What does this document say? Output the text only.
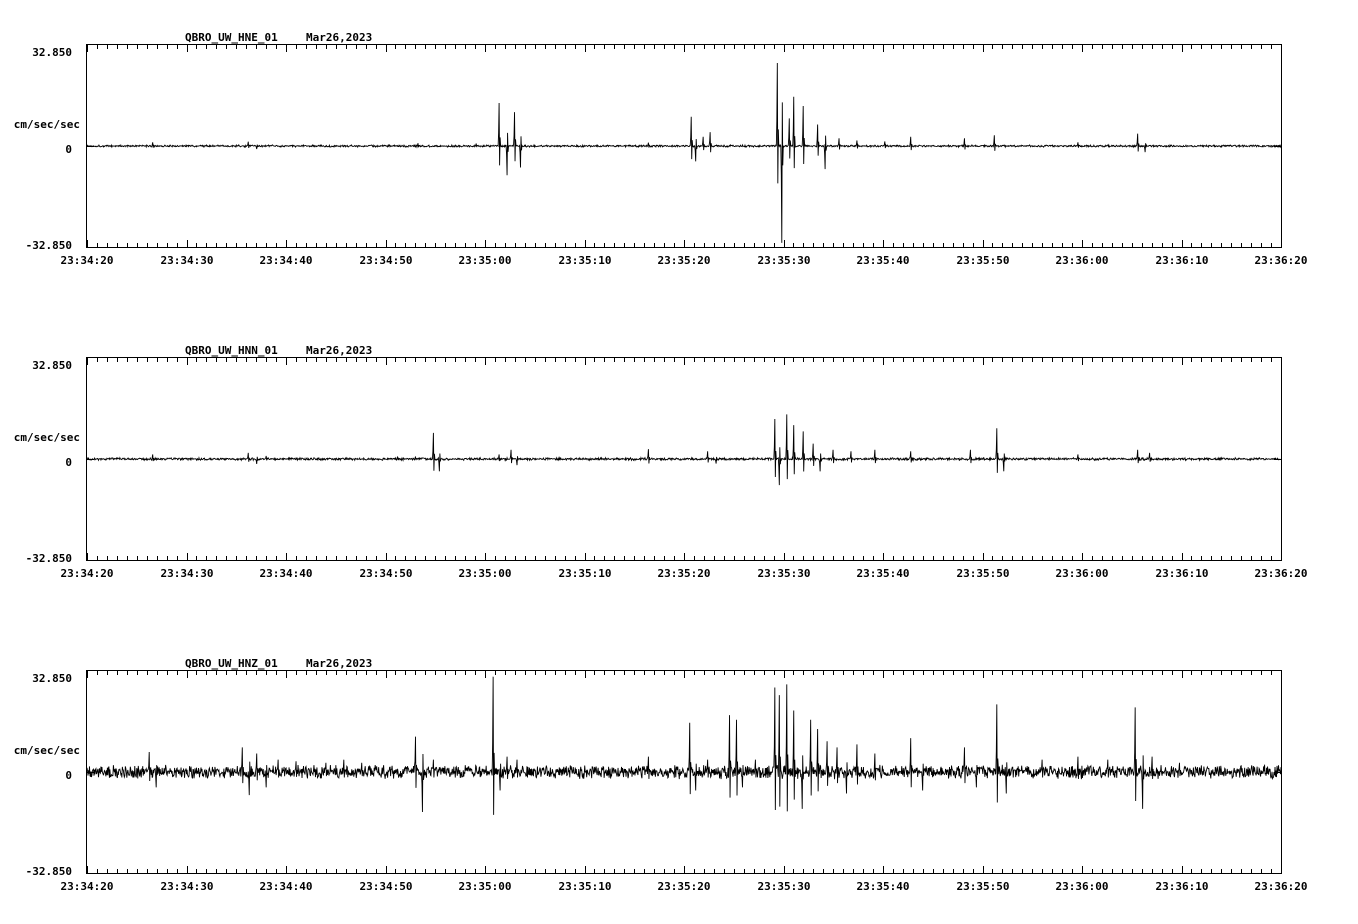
QBRO_UW_HNE_01	Mar26,2023
32.850
cm/sec/sec
0
-32.850
QBRO_UW_HNN_01	Mar26,2023
32.850
cm/sec/sec
0
-32.850
QBRO_UW_HNZ_01	Mar26,2023
32.850
cm/sec/sec
0
-32.850
23:34:20	23:34:30	23:34:40	23:34:50	23:35:00	23:35:10	23:35:20	23:35:30	23:35:40	23:35:50	23:36:00	23:36:10	23:36:20
23:34:20	23:34:30	23:34:40	23:34:50	23:35:00	23:35:10	23:35:20	23:35:30	23:35:40	23:35:50	23:36:00	23:36:10	23:36:20
23:34:20	23:34:30	23:34:40	23:34:50	23:35:00	23:35:10	23:35:20	23:35:30	23:35:40	23:35:50	23:36:00	23:36:10	23:36:20
